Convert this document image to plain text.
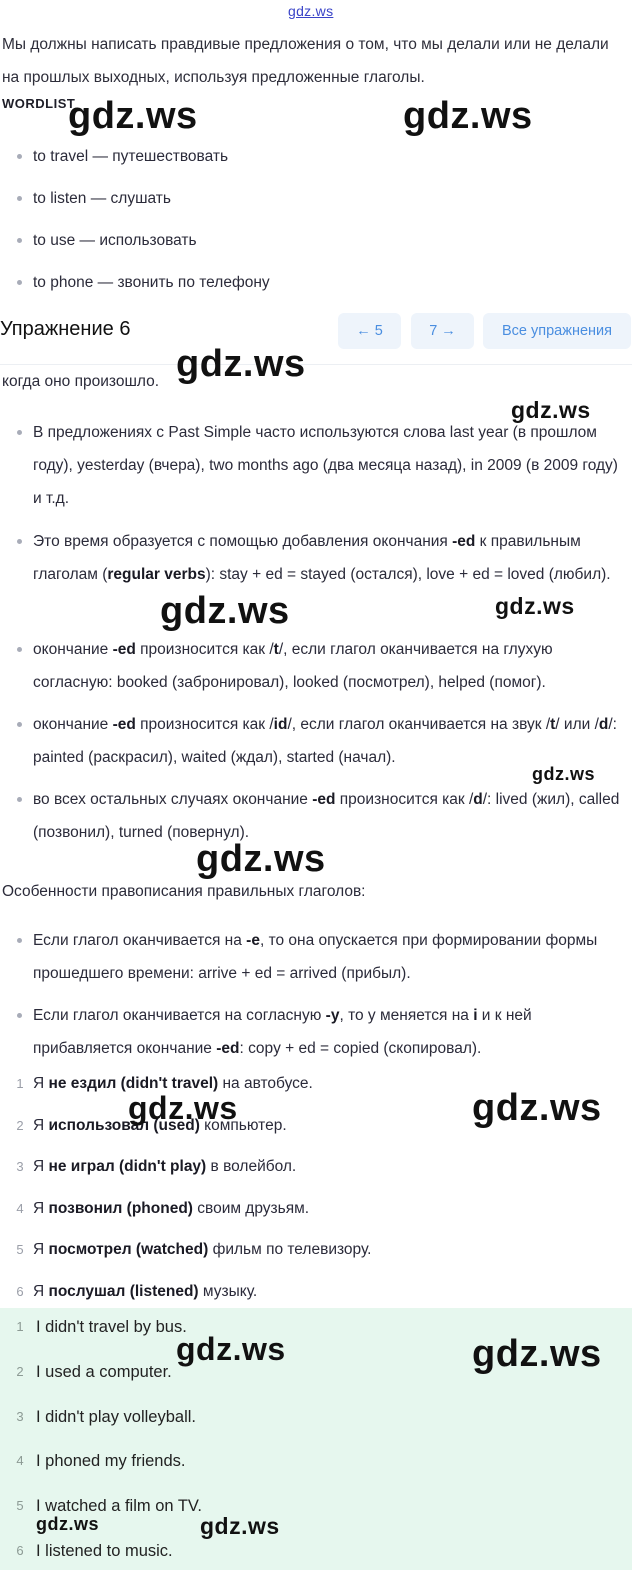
gdz.ws
Мы должны написать правдивые предложения о том, что мы делали или не делали на прошлых выходных, используя предложенные глаголы.
WORDLIST
to travel — путешествовать
to listen — слушать
to use — использовать
to phone — звонить по телефону
Упражнение 6	← 5	7 →	Все упражнения
когда оно произошло.
В предложениях с Past Simple часто используются слова last year (в прошлом году), yesterday (вчера), two months ago (два месяца назад), in 2009 (в 2009 году) и т.д.
Это время образуется с помощью добавления окончания -ed к правильным глаголам (regular verbs): stay + ed = stayed (остался), love + ed = loved (любил).
окончание -ed произносится как /t/, если глагол оканчивается на глухую согласную: booked (забронировал), looked (посмотрел), helped (помог).
окончание -ed произносится как /id/, если глагол оканчивается на звук /t/ или /d/: painted (раскрасил), waited (ждал), started (начал).
во всех остальных случаях окончание -ed произносится как /d/: lived (жил), called (позвонил), turned (повернул).
Особенности правописания правильных глаголов:
Если глагол оканчивается на -e, то она опускается при формировании формы прошедшего времени: arrive + ed = arrived (прибыл).
Если глагол оканчивается на согласную -y, то у меняется на i и к ней прибавляется окончание -ed: copy + ed = copied (скопировал).
1 Я не ездил (didn't travel) на автобусе.
2 Я использовал (used) компьютер.
3 Я не играл (didn't play) в волейбол.
4 Я позвонил (phoned) своим друзьям.
5 Я посмотрел (watched) фильм по телевизору.
6 Я послушал (listened) музыку.
1 I didn't travel by bus.
2 I used a computer.
3 I didn't play volleyball.
4 I phoned my friends.
5 I watched a film on TV.
6 I listened to music.
gdz.ws	gdz.ws
gdz.ws
gdz.ws
gdz.ws	gdz.ws
gdz.ws
gdz.ws
gdz.ws	gdz.ws
gdz.ws	gdz.ws
gdz.ws	gdz.ws
